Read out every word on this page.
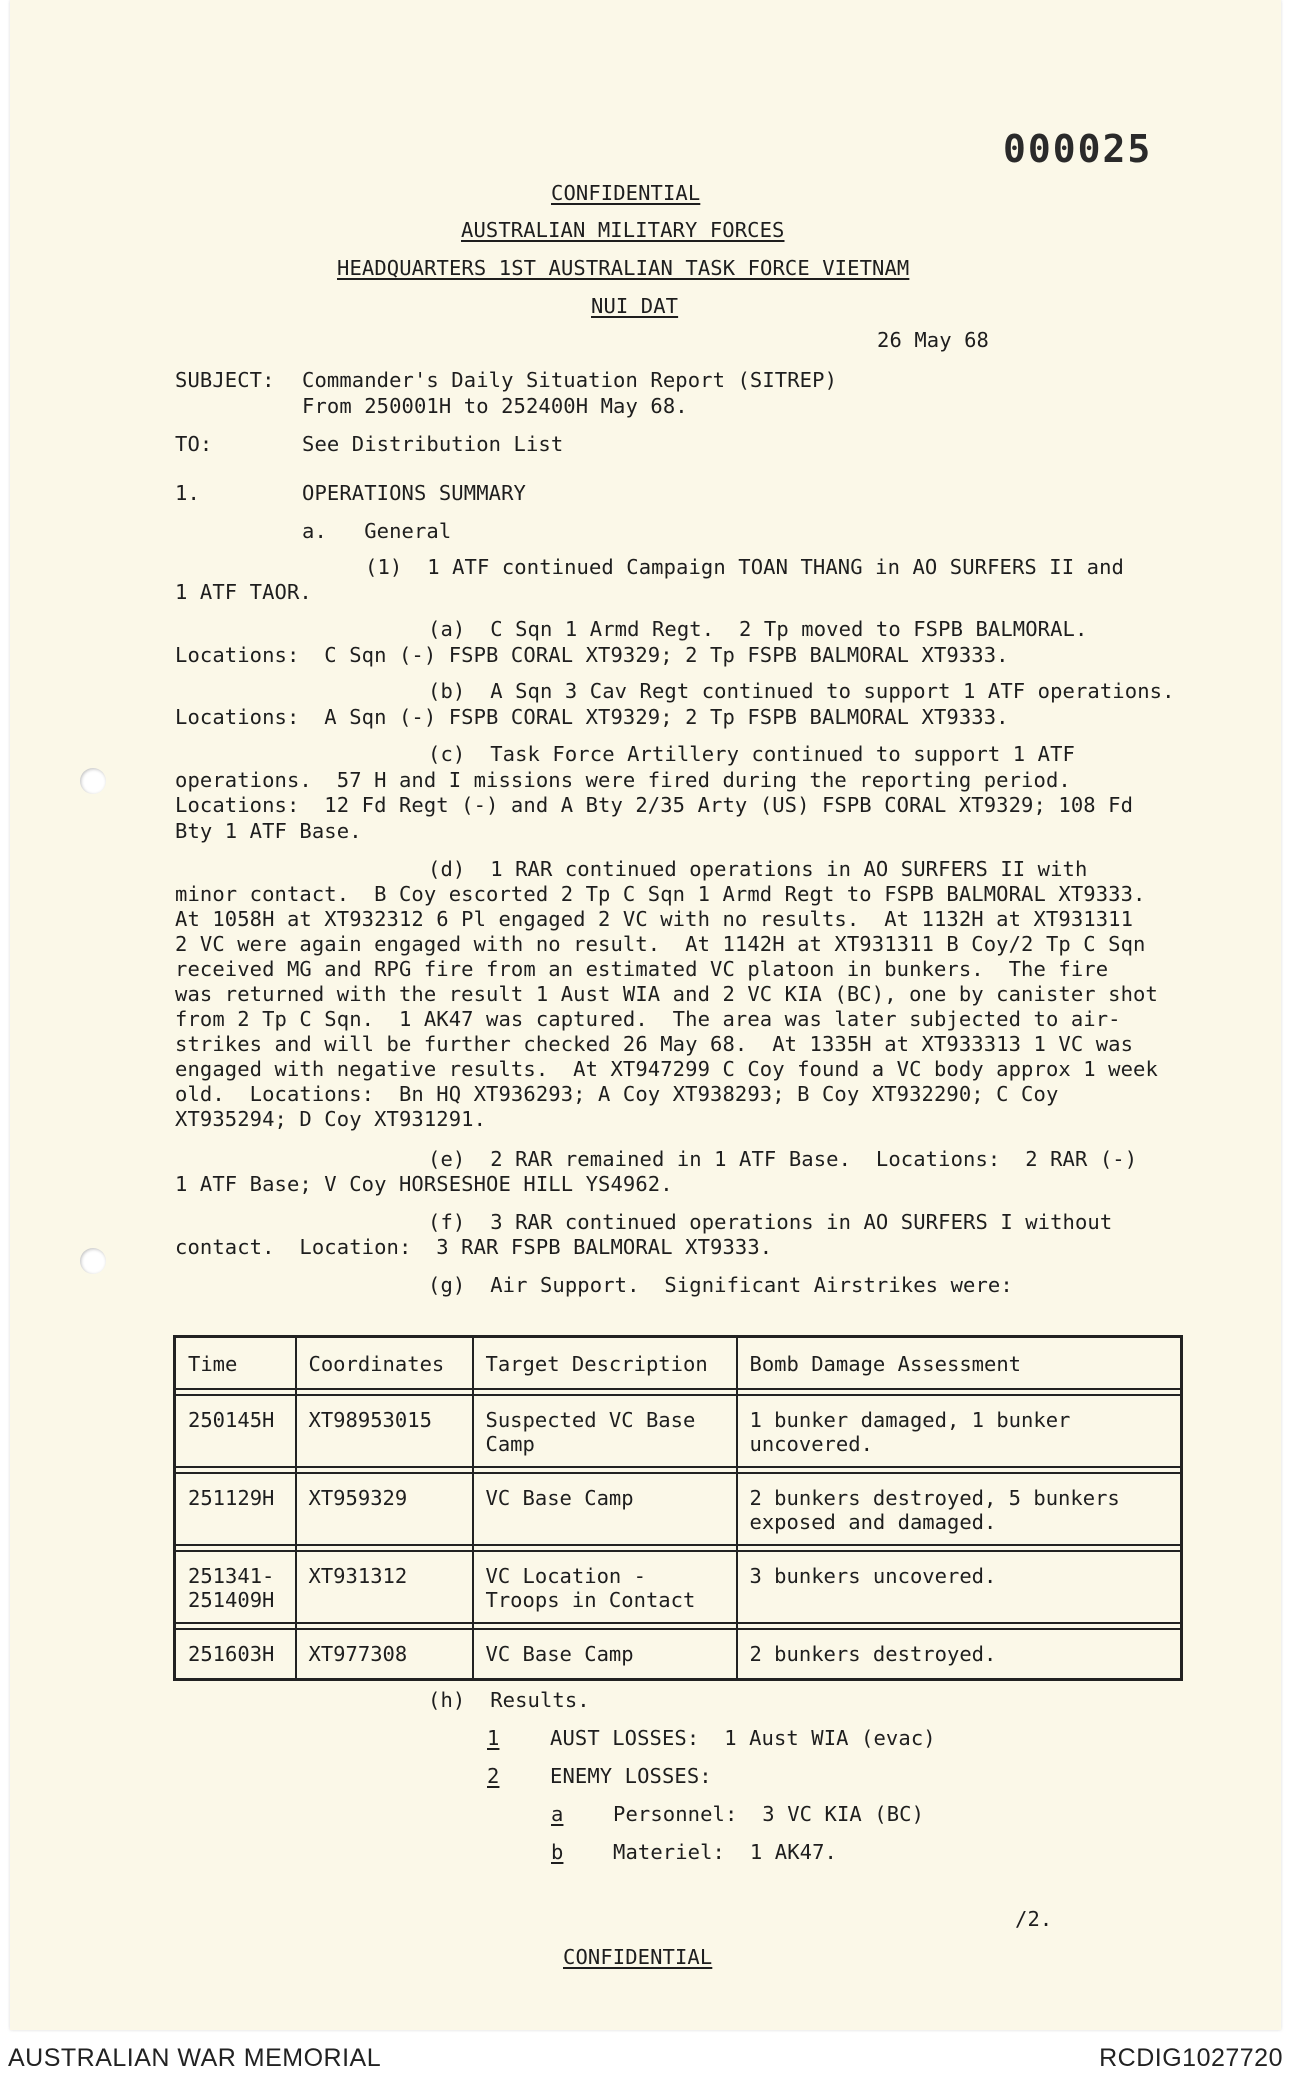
000025
CONFIDENTIAL
AUSTRALIAN MILITARY FORCES
HEADQUARTERS 1ST AUSTRALIAN TASK FORCE VIETNAM
NUI DAT
26 May 68
SUBJECT: Commander's Daily Situation Report (SITREP)
From 250001H to 252400H May 68.
TO:	See Distribution List
1.	OPERATIONS SUMMARY
a.   General
(1)  1 ATF continued Campaign TOAN THANG in AO SURFERS II and
1 ATF TAOR.
(a)  C Sqn 1 Armd Regt.  2 Tp moved to FSPB BALMORAL.
Locations:  C Sqn (-) FSPB CORAL XT9329; 2 Tp FSPB BALMORAL XT9333.
(b)  A Sqn 3 Cav Regt continued to support 1 ATF operations.
Locations:  A Sqn (-) FSPB CORAL XT9329; 2 Tp FSPB BALMORAL XT9333.
(c)  Task Force Artillery continued to support 1 ATF
operations.  57 H and I missions were fired during the reporting period.
Locations:  12 Fd Regt (-) and A Bty 2/35 Arty (US) FSPB CORAL XT9329; 108 Fd
Bty 1 ATF Base.
(d)  1 RAR continued operations in AO SURFERS II with
minor contact.  B Coy escorted 2 Tp C Sqn 1 Armd Regt to FSPB BALMORAL XT9333.
At 1058H at XT932312 6 Pl engaged 2 VC with no results.  At 1132H at XT931311
2 VC were again engaged with no result.  At 1142H at XT931311 B Coy/2 Tp C Sqn
received MG and RPG fire from an estimated VC platoon in bunkers.  The fire
was returned with the result 1 Aust WIA and 2 VC KIA (BC), one by canister shot
from 2 Tp C Sqn.  1 AK47 was captured.  The area was later subjected to air-
strikes and will be further checked 26 May 68.  At 1335H at XT933313 1 VC was
engaged with negative results.  At XT947299 C Coy found a VC body approx 1 week
old.  Locations:  Bn HQ XT936293; A Coy XT938293; B Coy XT932290; C Coy
XT935294; D Coy XT931291.
(e)  2 RAR remained in 1 ATF Base.  Locations:  2 RAR (-)
1 ATF Base; V Coy HORSESHOE HILL YS4962.
(f)  3 RAR continued operations in AO SURFERS I without
contact.  Location:  3 RAR FSPB BALMORAL XT9333.
(g)  Air Support.  Significant Airstrikes were:
Time	Coordinates	Target Description	Bomb Damage Assessment

250145H	XT98953015	Suspected VC Base
Camp	1 bunker damaged, 1 bunker
uncovered.

251129H	XT959329	VC Base Camp	2 bunkers destroyed, 5 bunkers
exposed and damaged.

251341-
251409H	XT931312	VC Location -
Troops in Contact	3 bunkers uncovered.

251603H	XT977308	VC Base Camp	2 bunkers destroyed.
(h)  Results.
1 AUST LOSSES:  1 Aust WIA (evac)
2 ENEMY LOSSES:
a Personnel:  3 VC KIA (BC)
b Materiel:  1 AK47.
/2.
CONFIDENTIAL
AUSTRALIAN WAR MEMORIAL	RCDIG1027720
